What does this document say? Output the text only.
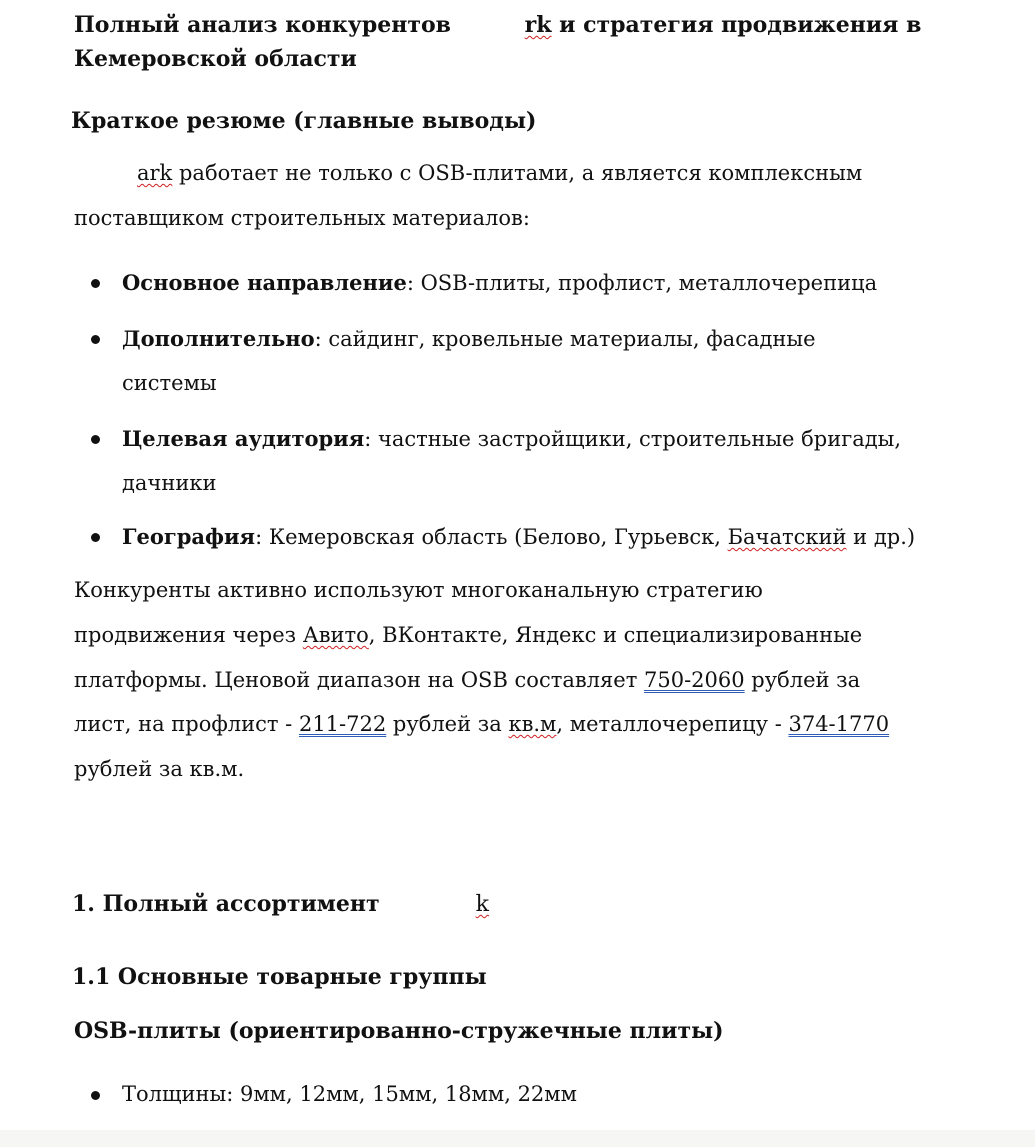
Полный анализ конкурентов	rk и стратегия продвижения в
Кемеровской области
Краткое резюме (главные выводы)
ark работает не только с OSB-плитами, а является комплексным
поставщиком строительных материалов:
Основное направление: OSB-плиты, профлист, металлочерепица
Дополнительно: сайдинг, кровельные материалы, фасадные
системы
Целевая аудитория: частные застройщики, строительные бригады,
дачники
География: Кемеровская область (Белово, Гурьевск, Бачатский и др.)
Конкуренты активно используют многоканальную стратегию
продвижения через Авито, ВКонтакте, Яндекс и специализированные
платформы. Ценовой диапазон на OSB составляет 750-2060 рублей за
лист, на профлист - 211-722 рублей за кв.м, металлочерепицу - 374-1770
рублей за кв.м.
1. Полный ассортимент	k
1.1 Основные товарные группы
OSB-плиты (ориентированно-стружечные плиты)
Толщины: 9мм, 12мм, 15мм, 18мм, 22мм
